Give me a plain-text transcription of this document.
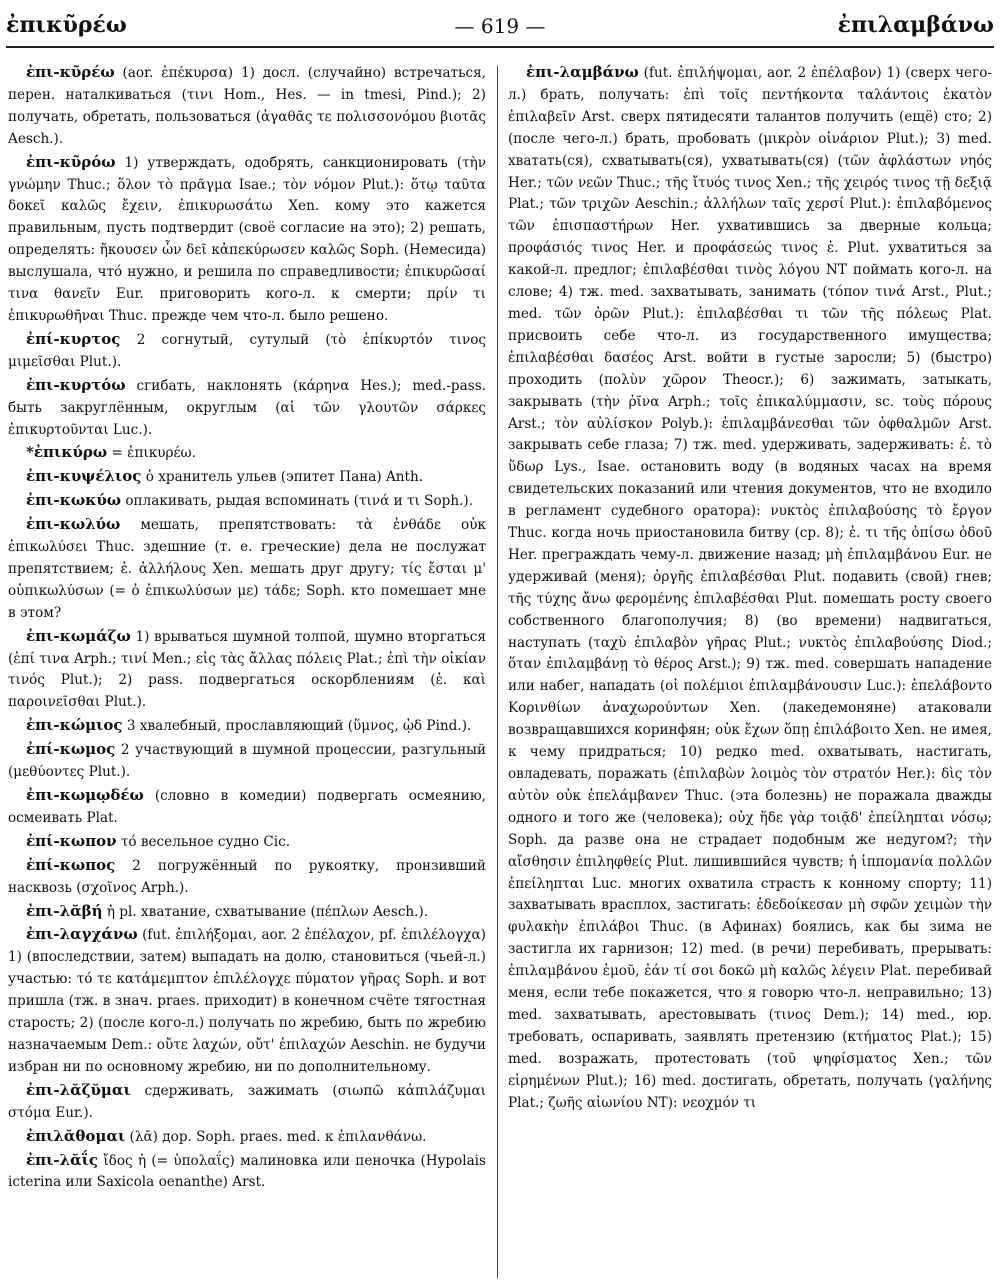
ἐπικῦρέω	— 619 —	ἐπιλαμβάνω

ἐπι-κῦρέω (aor. ἐπέκυρσα) 1) досл. (случайно) встречаться, перен. наталкиваться (τινι Hom., Hes. — in tmesi, Pind.); 2) получать, обретать, пользоваться (ἀγαθᾶς τε πολισσονόμου βιοτᾶς Aesch.).

ἐπι-κῦρόω 1) утверждать, одобрять, санкционировать (τὴν γνώμην Thuc.; ὅλον τὸ πρᾶγμα Isae.; τὸν νόμον Plut.): ὅτῳ ταῦτα δοκεῖ καλῶς ἔχειν, ἐπικυρωσάτω Xen. кому это кажется правильным, пусть подтвердит (своё согласие на это); 2) решать, определять: ἤκουσεν ὧν δεῖ κἀπεκύρωσεν καλῶς Soph. (Немесида) выслушала, чтó нужно, и решила по справедливости; ἐπικυρῶσαί τινα θανεῖν Eur. приговорить кого-л. к смерти; πρίν τι ἐπικυρωθῆναι Thuc. прежде чем что-л. было решено.

ἐπί-κυρτος 2 согнутый, сутулый (τὸ ἐπίκυρτόν τινος μιμεῖσθαι Plut.).

ἐπι-κυρτόω сгибать, наклонять (κάρηνα Hes.); med.-pass. быть закруглённым, округлым (αἱ τῶν γλουτῶν σάρκες ἐπικυρτοῦνται Luc.).

*ἐπικύρω = ἐπικυρέω.

ἐπι-κυψέλιος ὁ хранитель ульев (эпитет Пана) Anth.

ἐπι-κωκύω оплакивать, рыдая вспоминать (τινά и τι Soph.).

ἐπι-κωλύω мешать, препятствовать: τὰ ἐνθάδε οὐκ ἐπικωλύσει Thuc. здешние (т. е. греческие) дела не послужат препятствием; ἐ. ἀλλήλους Xen. мешать друг другу; τίς ἔσται μ' οὑπικωλύσων (= ὁ ἐπικωλύσων με) τάδε; Soph. кто помешает мне в этом?

ἐπι-κωμάζω 1) врываться шумной толпой, шумно вторгаться (ἐπί τινα Arph.; τινί Men.; εἰς τὰς ἄλλας πόλεις Plat.; ἐπὶ τὴν οἰκίαν τινός Plut.); 2) pass. подвергаться оскорблениям (ἐ. καὶ παροινεῖσθαι Plut.).

ἐπι-κώμιος 3 хвалебный, прославляющий (ὕμνος, ᾠδ Pind.).

ἐπί-κωμος 2 участвующий в шумной процессии, разгульный (μεθύοντες Plut.).

ἐπι-κωμῳδέω (словно в комедии) подвергать осмеянию, осмеивать Plat.

ἐπί-κωπον τό весельное судно Cic.

ἐπί-κωπος 2 погружённый по рукоятку, пронзивший насквозь (σχοῖνος Arph.).

ἐπι-λᾰβή ἡ pl. хватание, схватывание (πέπλων Aesch.).

ἐπι-λαγχάνω (fut. ἐπιλήξομαι, aor. 2 ἐπέλαχον, pf. ἐπιλέλογχα) 1) (впоследствии, затем) выпадать на долю, становиться (чьей-л.) участью: τό τε κατάμεμπτον ἐπιλέλογχε πύματον γῆρας Soph. и вот пришла (тж. в знач. praes. приходит) в конечном счёте тягостная старость; 2) (после кого-л.) получать по жребию, быть по жребию назначаемым Dem.: οὔτε λαχών, οὔτ' ἐπιλαχών Aeschin. не будучи избран ни по основному жребию, ни по дополнительному.

ἐπι-λᾰζῠμαι сдерживать, зажимать (σιωπῶ κἀπιλάζυμαι στόμα Eur.).

ἐπιλᾰθομαι (λᾱ) дор. Soph. praes. med. к ἐπιλανθάνω.

ἐπι-λᾰΐς ἴδος ἡ (= ὑπολαΐς) малиновка или пеночка (Hypolais icterina или Saxicola oenanthe) Arst.

ἐπι-λαμβάνω (fut. ἐπιλήψομαι, aor. 2 ἐπέλαβον) 1) (сверх чего-л.) брать, получать: ἐπὶ τοῖς πεντήκοντα ταλάντοις ἑκατὸν ἐπιλαβεῖν Arst. сверх пятидесяти талантов получить (ещё) сто; 2) (после чего-л.) брать, пробовать (μικρὸν οἰνάριον Plut.); 3) med. хватать(ся), схватывать(ся), ухватывать(ся) (τῶν ἀφλάστων νηός Her.; τῶν νεῶν Thuc.; τῆς ἴτυός τινος Xen.; τῆς χειρός τινος τῇ δεξιᾷ Plat.; τῶν τριχῶν Aeschin.; ἀλλήλων ταῖς χερσί Plut.): ἐπιλαβόμενος τῶν ἐπισπαστήρων Her. ухватившись за дверные кольца; προφάσιός τινος Her. и προφάσεώς τινος ἐ. Plut. ухватиться за какой-л. предлог; ἐπιλαβέσθαι τινὸς λόγου NT поймать кого-л. на слове; 4) тж. med. захватывать, занимать (τόπον τινά Arst., Plut.; med. τῶν ὀρῶν Plut.): ἐπιλαβέσθαι τι τῶν τῆς πόλεως Plat. присвоить себе что-л. из государственного имущества; ἐπιλαβέσθαι δασέος Arst. войти в густые заросли; 5) (быстро) проходить (πολὺν χῶρον Theocr.); 6) зажимать, затыкать, закрывать (τὴν ῥῖνα Arph.; τοῖς ἐπικαλύμμασιν, sc. τοὺς πόρους Arst.; τὸν αὐλίσκον Polyb.): ἐπιλαμβάνεσθαι τῶν ὀφθαλμῶν Arst. закрывать себе глаза; 7) тж. med. удерживать, задерживать: ἐ. τὸ ὕδωρ Lys., Isae. остановить воду (в водяных часах на время свидетельских показаний или чтения документов, что не входило в регламент судебного оратора): νυκτὸς ἐπιλαβούσης τὸ ἔργον Thuc. когда ночь приостановила битву (ср. 8); ἐ. τι τῆς ὀπίσω ὁδοῦ Her. преграждать чему-л. движение назад; μὴ ἐπιλαμβάνου Eur. не удерживай (меня); ὀργῆς ἐπιλαβέσθαι Plut. подавить (свой) гнев; τῆς τύχης ἄνω φερομένης ἐπιλαβέσθαι Plut. помешать росту своего собственного благополучия; 8) (во времени) надвигаться, наступать (ταχὺ ἐπιλαβὸν γῆρας Plut.; νυκτὸς ἐπιλαβούσης Diod.; ὅταν ἐπιλαμβάνῃ τὸ θέρος Arst.); 9) тж. med. совершать нападение или набег, нападать (οἱ πολέμιοι ἐπιλαμβάνουσιν Luc.): ἐπελάβοντο Κορινθίων ἀναχωρούντων Xen. (лакедемоняне) атаковали возвращавшихся коринфян; οὐκ ἔχων ὅπῃ ἐπιλάβοιτο Xen. не имея, к чему придраться; 10) редко med. охватывать, настигать, овладевать, поражать (ἐπιλαβὼν λοιμὸς τὸν στρατόν Her.): δὶς τὸν αὐτὸν οὐκ ἐπελάμβανεν Thuc. (эта болезнь) не поражала дважды одного и того же (человека); οὐχ ἥδε γὰρ τοιᾷδ' ἐπείληπται νόσῳ; Soph. да разве она не страдает подобным же недугом?; τὴν αἴσθησιν ἐπιληφθείς Plut. лишившийся чувств; ἡ ἱππομανία πολλῶν ἐπείληπται Luc. многих охватила страсть к конному спорту; 11) захватывать врасплох, застигать: ἐδεδοίκεσαν μὴ σφῶν χειμὼν τὴν φυλακὴν ἐπιλάβοι Thuc. (в Афинах) боялись, как бы зима не застигла их гарнизон; 12) med. (в речи) перебивать, прерывать: ἐπιλαμβάνου ἐμοῦ, ἐάν τί σοι δοκῶ μὴ καλῶς λέγειν Plat. перебивай меня, если тебе покажется, что я говорю что-л. неправильно; 13) med. захватывать, арестовывать (τινος Dem.); 14) med., юр. требовать, оспаривать, заявлять претензию (κτήματος Plat.); 15) med. возражать, протестовать (τοῦ ψηφίσματος Xen.; τῶν εἰρημένων Plut.); 16) med. достигать, обретать, получать (γαλήνης Plat.; ζωῆς αἰωνίου NT): νεοχμόν τι
